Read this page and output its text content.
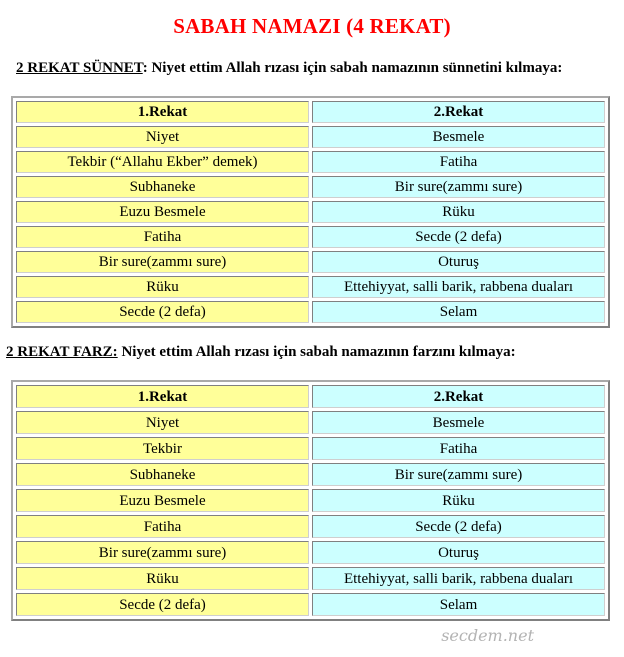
SABAH NAMAZI (4 REKAT)
2 REKAT SÜNNET: Niyet ettim Allah rızası için sabah namazının sünnetini kılmaya:
1.Rekat	2.Rekat
Niyet	Besmele
Tekbir (“Allahu Ekber” demek)	Fatiha
Subhaneke	Bir sure(zammı sure)
Euzu Besmele	Rüku
Fatiha	Secde (2 defa)
Bir sure(zammı sure)	Oturuş
Rüku	Ettehiyyat, salli barik, rabbena duaları
Secde (2 defa)	Selam
2 REKAT FARZ: Niyet ettim Allah rızası için sabah namazının farzını kılmaya:
1.Rekat	2.Rekat
Niyet	Besmele
Tekbir	Fatiha
Subhaneke	Bir sure(zammı sure)
Euzu Besmele	Rüku
Fatiha	Secde (2 defa)
Bir sure(zammı sure)	Oturuş
Rüku	Ettehiyyat, salli barik, rabbena duaları
Secde (2 defa)	Selam
secdem.net
